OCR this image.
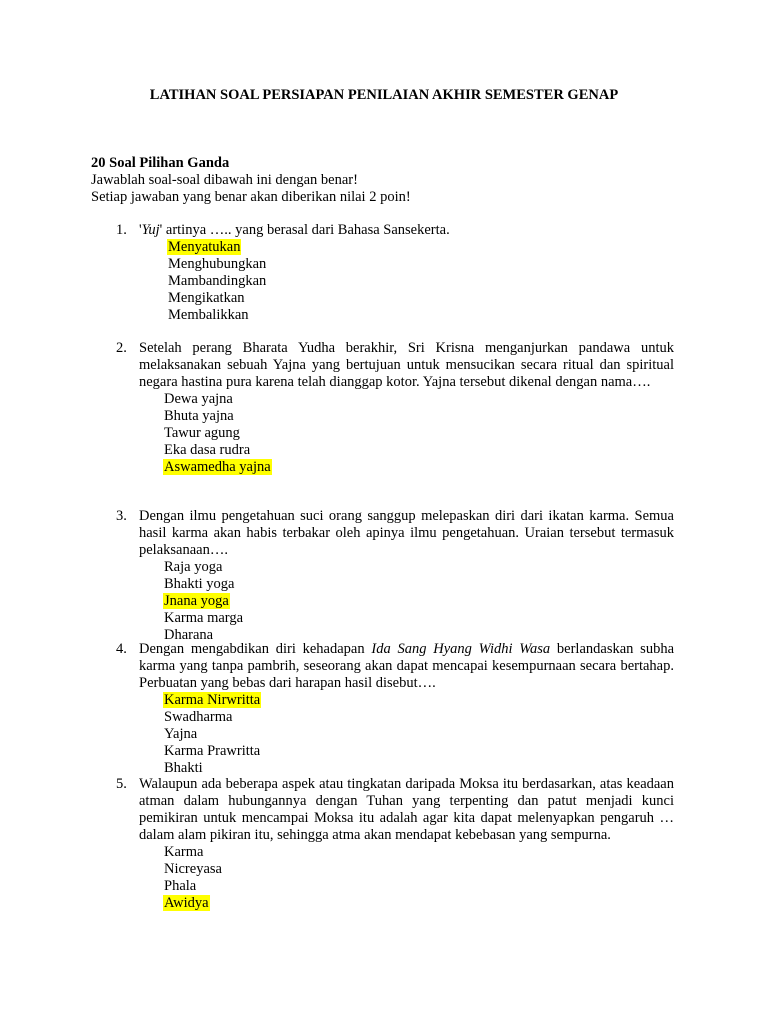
LATIHAN SOAL PERSIAPAN PENILAIAN AKHIR SEMESTER GENAP
20 Soal Pilihan Ganda
Jawablah soal-soal dibawah ini dengan benar!
Setiap jawaban yang benar akan diberikan nilai 2 poin!
1. 'Yuj' artinya ….. yang berasal dari Bahasa Sansekerta.
Menyatukan
Menghubungkan
Mambandingkan
Mengikatkan
Membalikkan
2. Setelah perang Bharata Yudha berakhir, Sri Krisna menganjurkan pandawa untuk melaksanakan sebuah Yajna yang bertujuan untuk mensucikan secara ritual dan spiritual negara hastina pura karena telah dianggap kotor. Yajna tersebut dikenal dengan nama….
Dewa yajna
Bhuta yajna
Tawur agung
Eka dasa rudra
Aswamedha yajna
3. Dengan ilmu pengetahuan suci orang sanggup melepaskan diri dari ikatan karma. Semua hasil karma akan habis terbakar oleh apinya ilmu pengetahuan. Uraian tersebut termasuk pelaksanaan….
Raja yoga
Bhakti yoga
Jnana yoga
Karma marga
Dharana
4. Dengan mengabdikan diri kehadapan Ida Sang Hyang Widhi Wasa berlandaskan subha karma yang tanpa pambrih, seseorang akan dapat mencapai kesempurnaan secara bertahap. Perbuatan yang bebas dari harapan hasil disebut….
Karma Nirwritta
Swadharma
Yajna
Karma Prawritta
Bhakti
5. Walaupun ada beberapa aspek atau tingkatan daripada Moksa itu berdasarkan, atas keadaan atman dalam hubungannya dengan Tuhan yang terpenting dan patut menjadi kunci pemikiran untuk mencampai Moksa itu adalah agar kita dapat melenyapkan pengaruh … dalam alam pikiran itu, sehingga atma akan mendapat kebebasan yang sempurna.
Karma
Nicreyasa
Phala
Awidya
